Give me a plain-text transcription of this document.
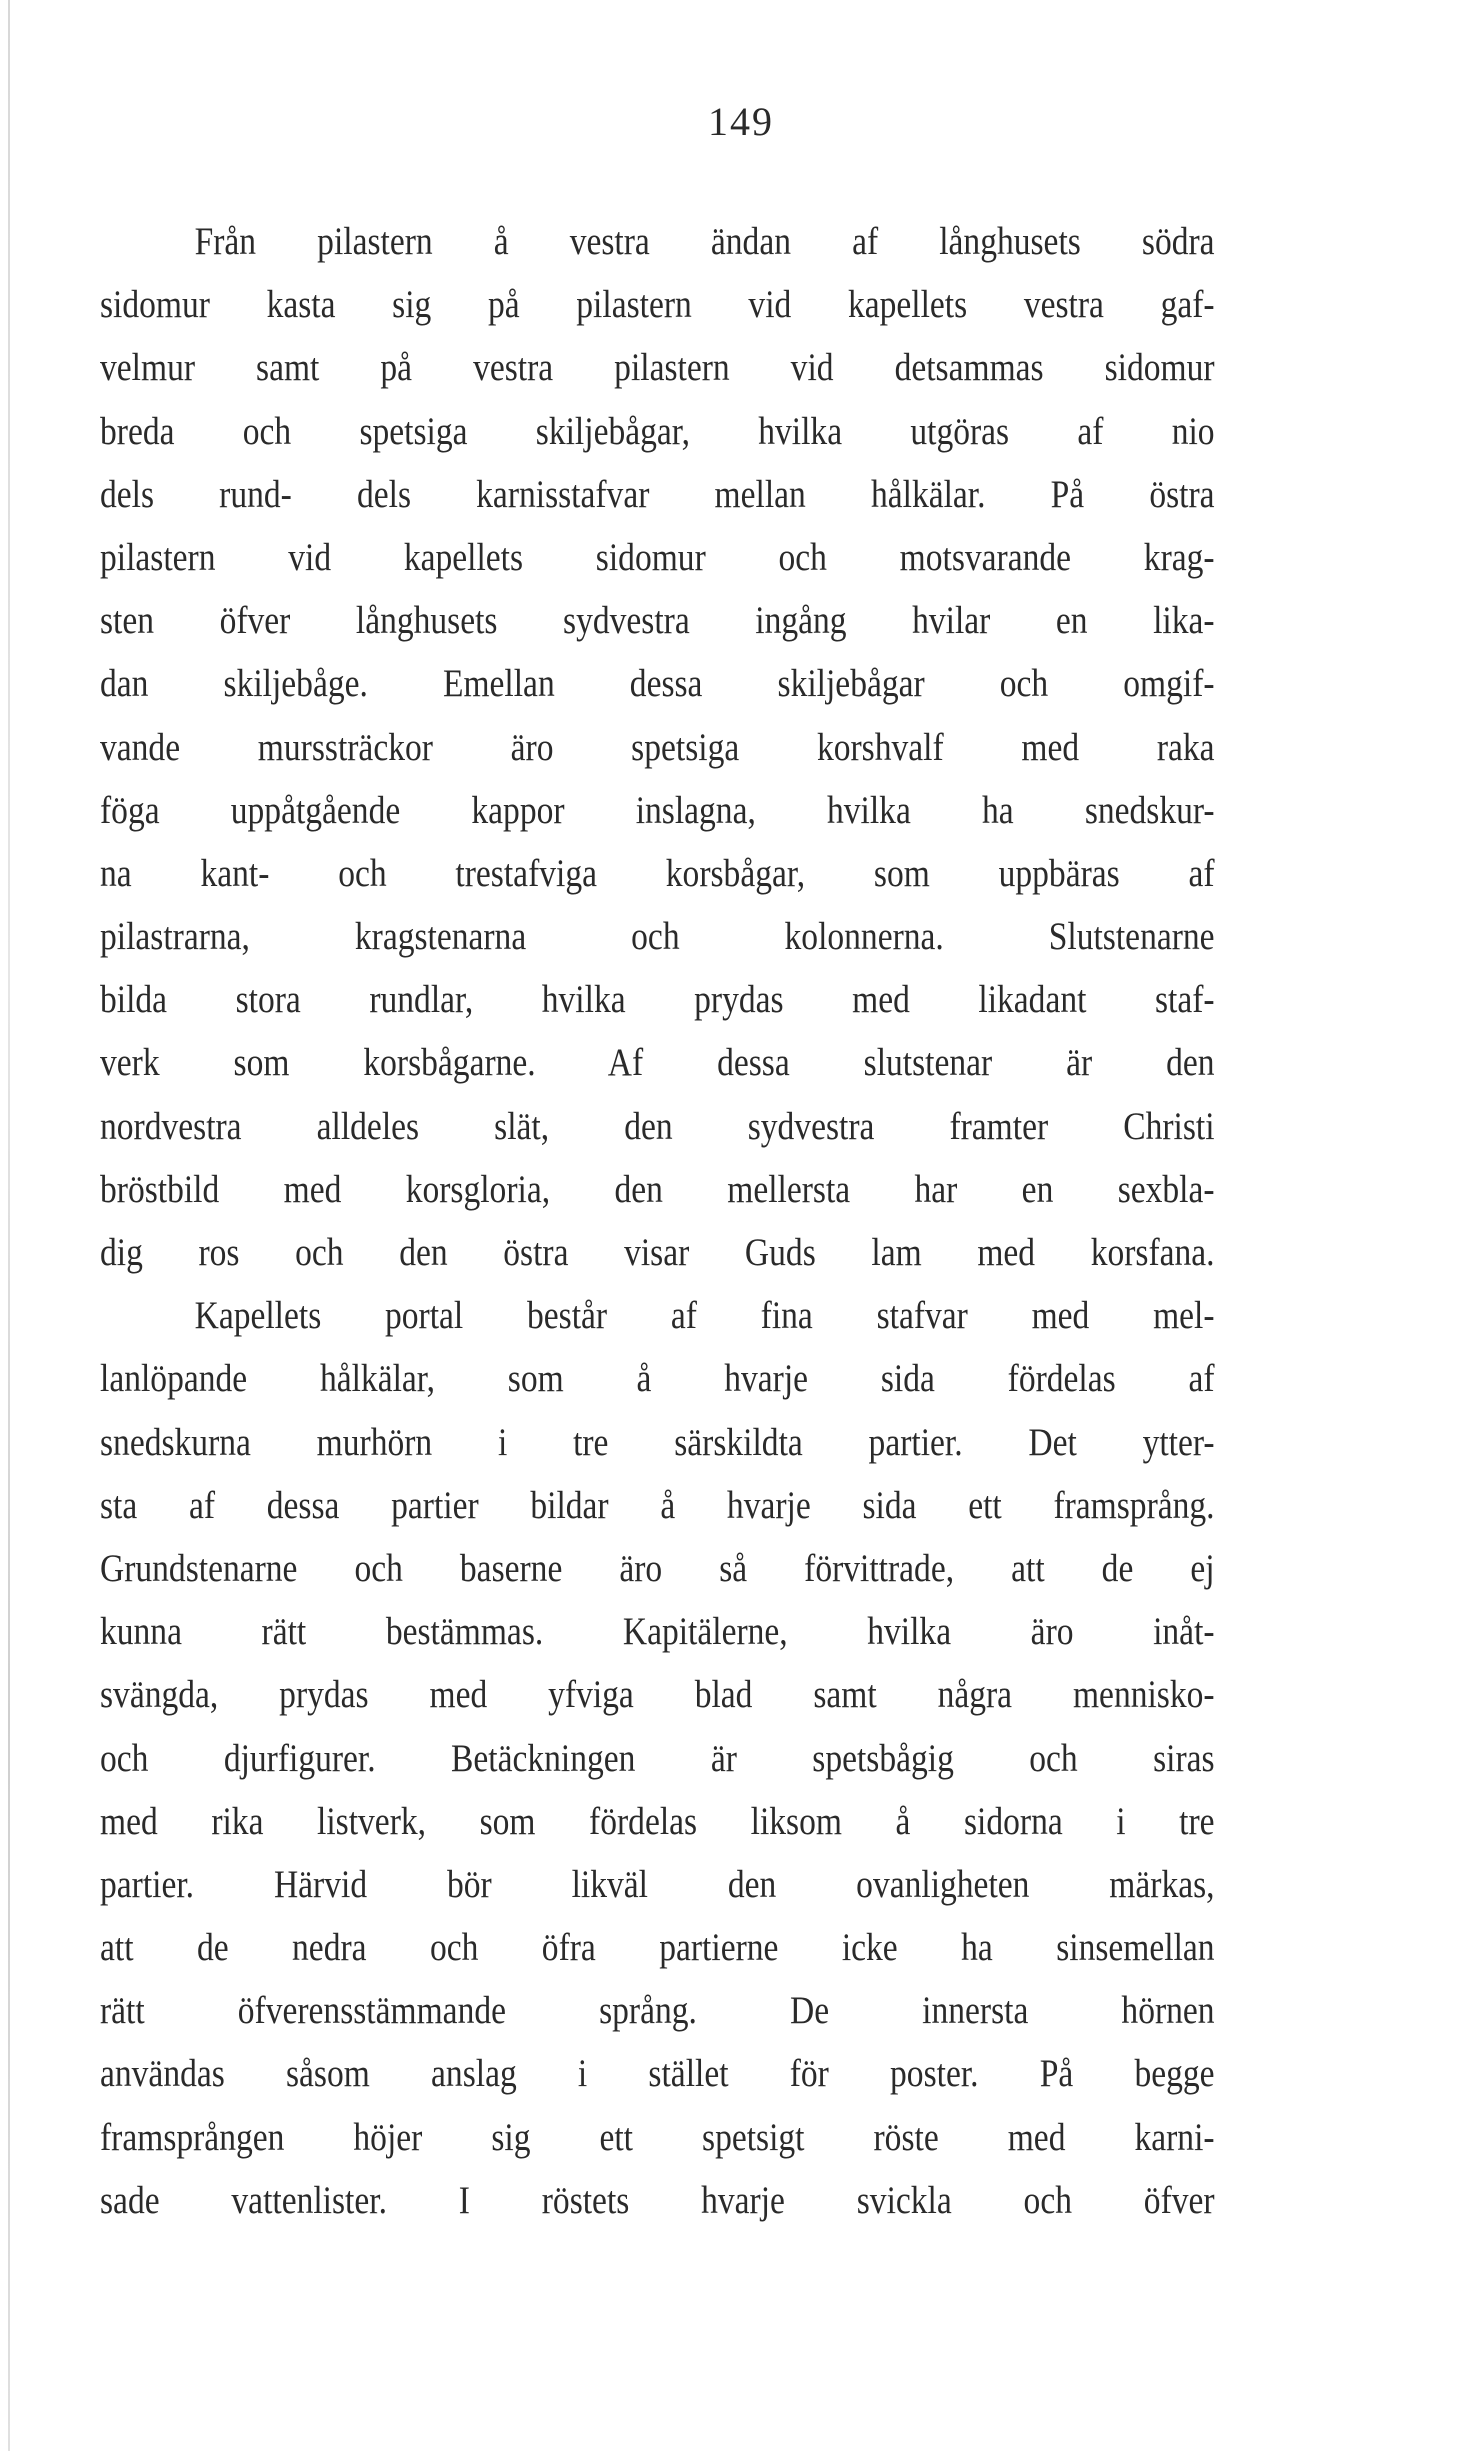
149
Från pilastern å vestra ändan af långhusets södra
sidomur kasta sig på pilastern vid kapellets vestra gaf-
velmur samt på vestra pilastern vid detsammas sidomur
breda och spetsiga skiljebågar, hvilka utgöras af nio
dels rund- dels karnisstafvar mellan hålkälar. På östra
pilastern vid kapellets sidomur och motsvarande krag-
sten öfver långhusets sydvestra ingång hvilar en lika-
dan skiljebåge. Emellan dessa skiljebågar och omgif-
vande murssträckor äro spetsiga korshvalf med raka
föga uppåtgående kappor inslagna, hvilka ha snedskur-
na kant- och trestafviga korsbågar, som uppbäras af
pilastrarna, kragstenarna och kolonnerna. Slutstenarne
bilda stora rundlar, hvilka prydas med likadant staf-
verk som korsbågarne. Af dessa slutstenar är den
nordvestra alldeles slät, den sydvestra framter Christi
bröstbild med korsgloria, den mellersta har en sexbla-
dig ros och den östra visar Guds lam med korsfana.
Kapellets portal består af fina stafvar med mel-
lanlöpande hålkälar, som å hvarje sida fördelas af
snedskurna murhörn i tre särskildta partier. Det ytter-
sta af dessa partier bildar å hvarje sida ett framsprång.
Grundstenarne och baserne äro så förvittrade, att de ej
kunna rätt bestämmas. Kapitälerne, hvilka äro inåt-
svängda, prydas med yfviga blad samt några mennisko-
och djurfigurer. Betäckningen är spetsbågig och siras
med rika listverk, som fördelas liksom å sidorna i tre
partier. Härvid bör likväl den ovanligheten märkas,
att de nedra och öfra partierne icke ha sinsemellan
rätt öfverensstämmande språng. De innersta hörnen
användas såsom anslag i stället för poster. På begge
framsprången höjer sig ett spetsigt röste med karni-
sade vattenlister. I röstets hvarje svickla och öfver
